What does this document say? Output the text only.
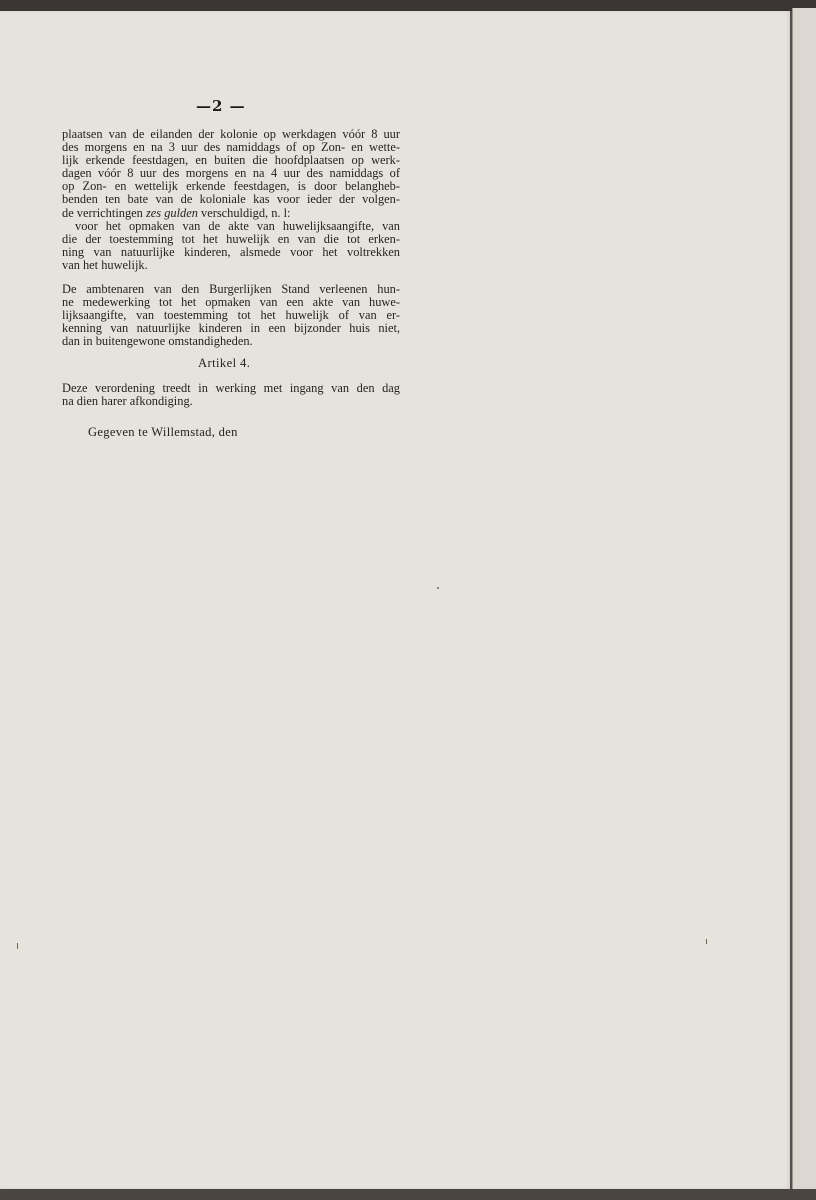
—2 —
plaatsen van de eilanden der kolonie op werkdagen vóór 8 uur
des morgens en na 3 uur des namiddags of op Zon- en wette-
lijk erkende feestdagen, en buiten die hoofdplaatsen op werk-
dagen vóór 8 uur des morgens en na 4 uur des namiddags of
op Zon- en wettelijk erkende feestdagen, is door belangheb-
benden ten bate van de koloniale kas voor ieder der volgen-
de verrichtingen zes gulden verschuldigd, n. l:
voor het opmaken van de akte van huwelijksaangifte, van
die der toestemming tot het huwelijk en van die tot erken-
ning van natuurlijke kinderen, alsmede voor het voltrekken
van het huwelijk.
De ambtenaren van den Burgerlijken Stand verleenen hun-
ne medewerking tot het opmaken van een akte van huwe-
lijksaangifte, van toestemming tot het huwelijk of van er-
kenning van natuurlijke kinderen in een bijzonder huis niet,
dan in buitengewone omstandigheden.
Artikel 4.
Deze verordening treedt in werking met ingang van den dag
na dien harer afkondiging.
Gegeven te Willemstad, den
